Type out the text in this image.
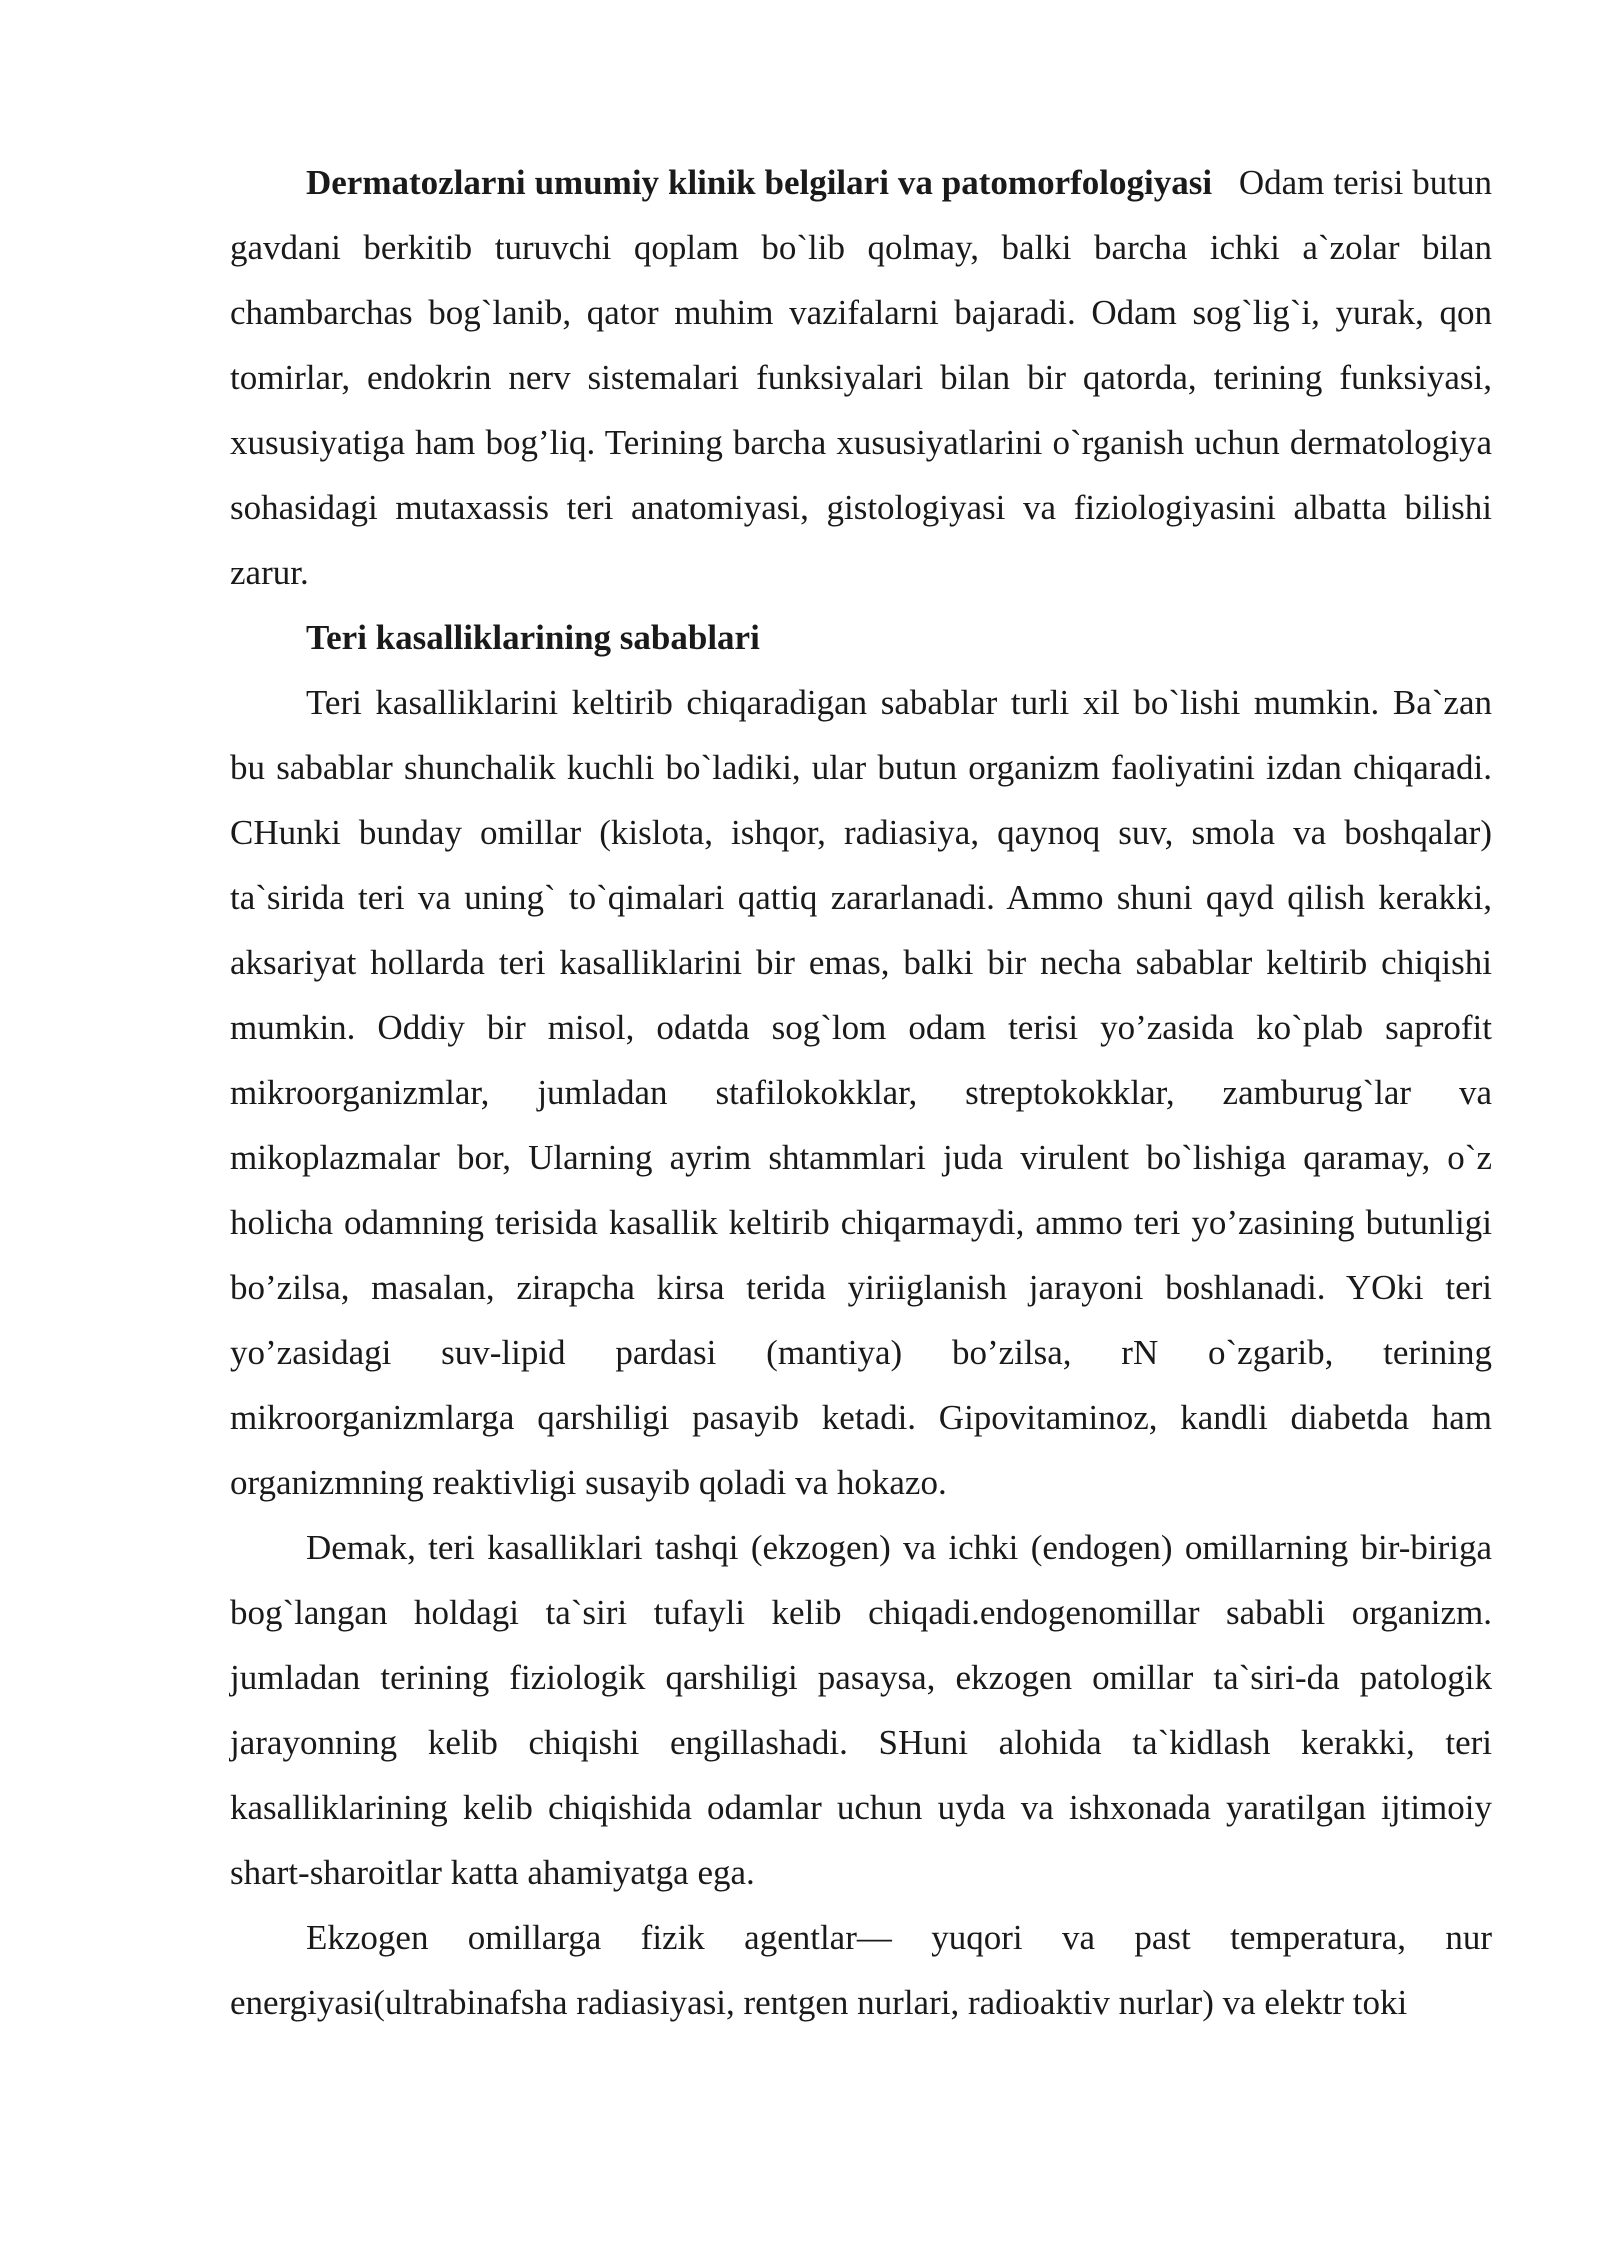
Dermatozlarni umumiy klinik belgilari va patomorfologiyasi Odam terisi butun gavdani berkitib turuvchi qoplam bo`lib qolmay, balki barcha ichki a`zolar bilan chambarchas bog`lanib, qator muhim vazifalarni bajaradi. Odam sog`lig`i, yurak, qon tomirlar, endokrin nerv sistemalari funksiyalari bilan bir qatorda, terining funksiyasi, xususiyatiga ham bog’liq. Terining barcha xususiyatlarini o`rganish uchun dermatologiya sohasidagi mutaxassis teri anatomiyasi, gistologiyasi va fiziologiyasini albatta bilishi zarur.

Teri kasalliklarining sabablari

Teri kasalliklarini keltirib chiqaradigan sabablar turli xil bo`lishi mumkin. Ba`zan bu sabablar shunchalik kuchli bo`ladiki, ular butun organizm faoliyatini izdan chiqaradi. CHunki bunday omillar (kislota, ishqor, radiasiya, qaynoq suv, smola va boshqalar) ta`sirida teri va uning` to`qimalari qattiq zararlanadi. Ammo shuni qayd qilish kerakki, aksariyat hollarda teri kasalliklarini bir emas, balki bir necha sabablar keltirib chiqishi mumkin. Oddiy bir misol, odatda sog`lom odam terisi yo’zasida ko`plab saprofit mikroorganizmlar, jumladan stafilokokklar, streptokokklar, zamburug`lar va mikoplazmalar bor, Ularning ayrim shtammlari juda virulent bo`lishiga qaramay, o`z holicha odamning terisida kasallik keltirib chiqarmaydi, ammo teri yo’zasining butunligi bo’zilsa, masalan, zirapcha kirsa terida yiriiglanish jarayoni boshlanadi. YOki teri yo’zasidagi suv-lipid pardasi (mantiya) bo’zilsa, rN o`zgarib, terining mikroorganizmlarga qarshiligi pasayib ketadi. Gipovitaminoz, kandli diabetda ham organizmning reaktivligi susayib qoladi va hokazo.

Demak, teri kasalliklari tashqi (ekzogen) va ichki (endogen) omillarning bir-biriga bog`langan holdagi ta`siri tufayli kelib chiqadi.endogenomillar sababli organizm. jumladan terining fiziologik qarshiligi pasaysa, ekzogen omillar ta`siri-da patologik jarayonning kelib chiqishi engillashadi. SHuni alohida ta`kidlash kerakki, teri kasalliklarining kelib chiqishida odamlar uchun uyda va ishxonada yaratilgan ijtimoiy shart-sharoitlar katta ahamiyatga ega.

Ekzogen omillarga fizik agentlar— yuqori va past temperatura, nur energiyasi(ultrabinafsha radiasiyasi, rentgen nurlari, radioaktiv nurlar) va elektr toki
